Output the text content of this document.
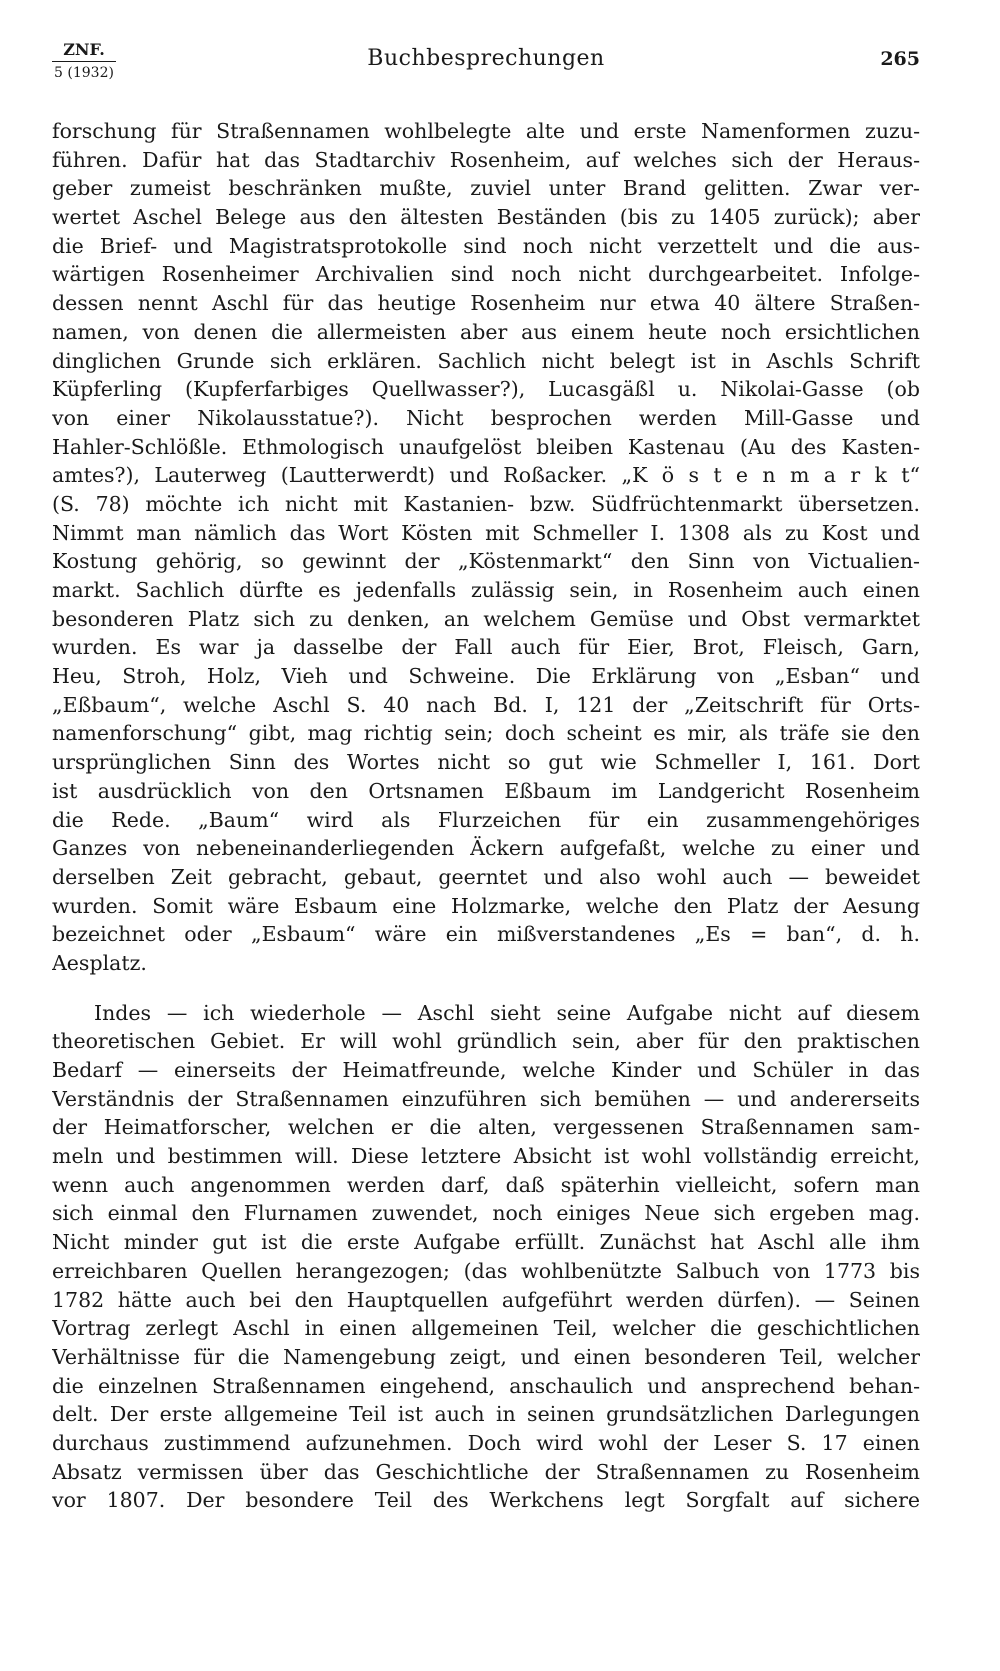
ZNF.
5 (1932)
Buchbesprechungen	265
forschung für Straßennamen wohlbelegte alte und erste Namenformen zuzu-
führen. Dafür hat das Stadtarchiv Rosenheim, auf welches sich der Heraus-
geber zumeist beschränken mußte, zuviel unter Brand gelitten. Zwar ver-
wertet Aschel Belege aus den ältesten Beständen (bis zu 1405 zurück); aber
die Brief- und Magistratsprotokolle sind noch nicht verzettelt und die aus-
wärtigen Rosenheimer Archivalien sind noch nicht durchgearbeitet. Infolge-
dessen nennt Aschl für das heutige Rosenheim nur etwa 40 ältere Straßen-
namen, von denen die allermeisten aber aus einem heute noch ersichtlichen
dinglichen Grunde sich erklären. Sachlich nicht belegt ist in Aschls Schrift
Küpferling (Kupferfarbiges Quellwasser?), Lucasgäßl u. Nikolai-Gasse (ob
von einer Nikolausstatue?). Nicht besprochen werden Mill-Gasse und
Hahler-Schlößle. Ethmologisch unaufgelöst bleiben Kastenau (Au des Kasten-
amtes?), Lauterweg (Lautterwerdt) und Roßacker. „K ö s t e n m a r k t“
(S. 78) möchte ich nicht mit Kastanien- bzw. Südfrüchtenmarkt übersetzen.
Nimmt man nämlich das Wort Kösten mit Schmeller I. 1308 als zu Kost und
Kostung gehörig, so gewinnt der „Köstenmarkt“ den Sinn von Victualien-
markt. Sachlich dürfte es jedenfalls zulässig sein, in Rosenheim auch einen
besonderen Platz sich zu denken, an welchem Gemüse und Obst vermarktet
wurden. Es war ja dasselbe der Fall auch für Eier, Brot, Fleisch, Garn,
Heu, Stroh, Holz, Vieh und Schweine. Die Erklärung von „Esban“ und
„Eßbaum“, welche Aschl S. 40 nach Bd. I, 121 der „Zeitschrift für Orts-
namenforschung“ gibt, mag richtig sein; doch scheint es mir, als träfe sie den
ursprünglichen Sinn des Wortes nicht so gut wie Schmeller I, 161. Dort
ist ausdrücklich von den Ortsnamen Eßbaum im Landgericht Rosenheim
die Rede. „Baum“ wird als Flurzeichen für ein zusammengehöriges
Ganzes von nebeneinanderliegenden Äckern aufgefaßt, welche zu einer und
derselben Zeit gebracht, gebaut, geerntet und also wohl auch — beweidet
wurden. Somit wäre Esbaum eine Holzmarke, welche den Platz der Aesung
bezeichnet oder „Esbaum“ wäre ein mißverstandenes „Es = ban“, d. h.
Aesplatz.
Indes — ich wiederhole — Aschl sieht seine Aufgabe nicht auf diesem
theoretischen Gebiet. Er will wohl gründlich sein, aber für den praktischen
Bedarf — einerseits der Heimatfreunde, welche Kinder und Schüler in das
Verständnis der Straßennamen einzuführen sich bemühen — und andererseits
der Heimatforscher, welchen er die alten, vergessenen Straßennamen sam-
meln und bestimmen will. Diese letztere Absicht ist wohl vollständig erreicht,
wenn auch angenommen werden darf, daß späterhin vielleicht, sofern man
sich einmal den Flurnamen zuwendet, noch einiges Neue sich ergeben mag.
Nicht minder gut ist die erste Aufgabe erfüllt. Zunächst hat Aschl alle ihm
erreichbaren Quellen herangezogen; (das wohlbenützte Salbuch von 1773 bis
1782 hätte auch bei den Hauptquellen aufgeführt werden dürfen). — Seinen
Vortrag zerlegt Aschl in einen allgemeinen Teil, welcher die geschichtlichen
Verhältnisse für die Namengebung zeigt, und einen besonderen Teil, welcher
die einzelnen Straßennamen eingehend, anschaulich und ansprechend behan-
delt. Der erste allgemeine Teil ist auch in seinen grundsätzlichen Darlegungen
durchaus zustimmend aufzunehmen. Doch wird wohl der Leser S. 17 einen
Absatz vermissen über das Geschichtliche der Straßennamen zu Rosenheim
vor 1807. Der besondere Teil des Werkchens legt Sorgfalt auf sichere
